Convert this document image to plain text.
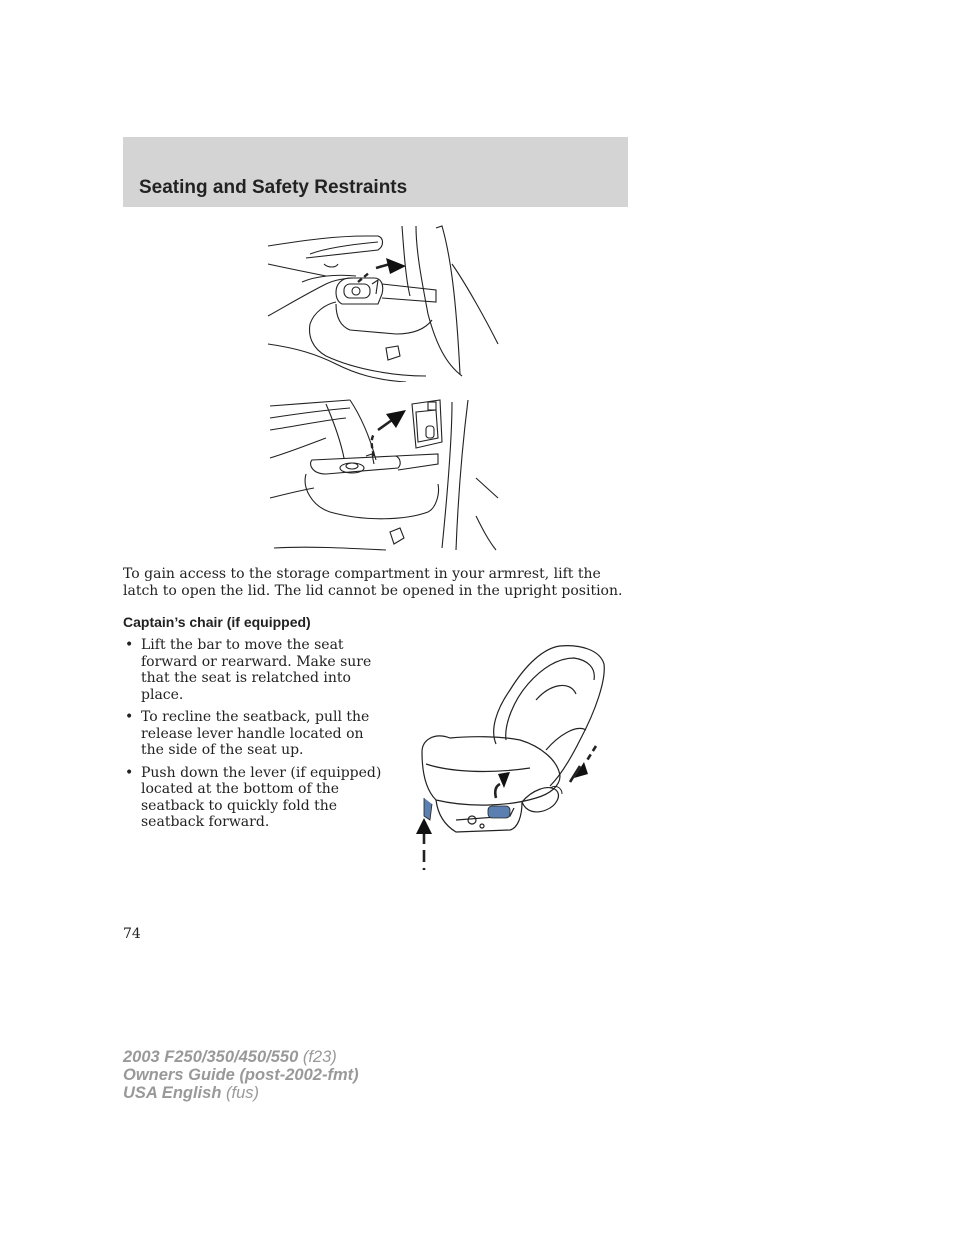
Seating and Safety Restraints

To gain access to the storage compartment in your armrest, lift the latch to open the lid. The lid cannot be opened in the upright position.

Captain’s chair (if equipped)
• Lift the bar to move the seat forward or rearward. Make sure that the seat is relatched into place.
• To recline the seatback, pull the release lever handle located on the side of the seat up.
• Push down the lever (if equipped) located at the bottom of the seatback to quickly fold the seatback forward.

74

2003 F250/350/450/550 (f23)
Owners Guide (post-2002-fmt)
USA English (fus)
